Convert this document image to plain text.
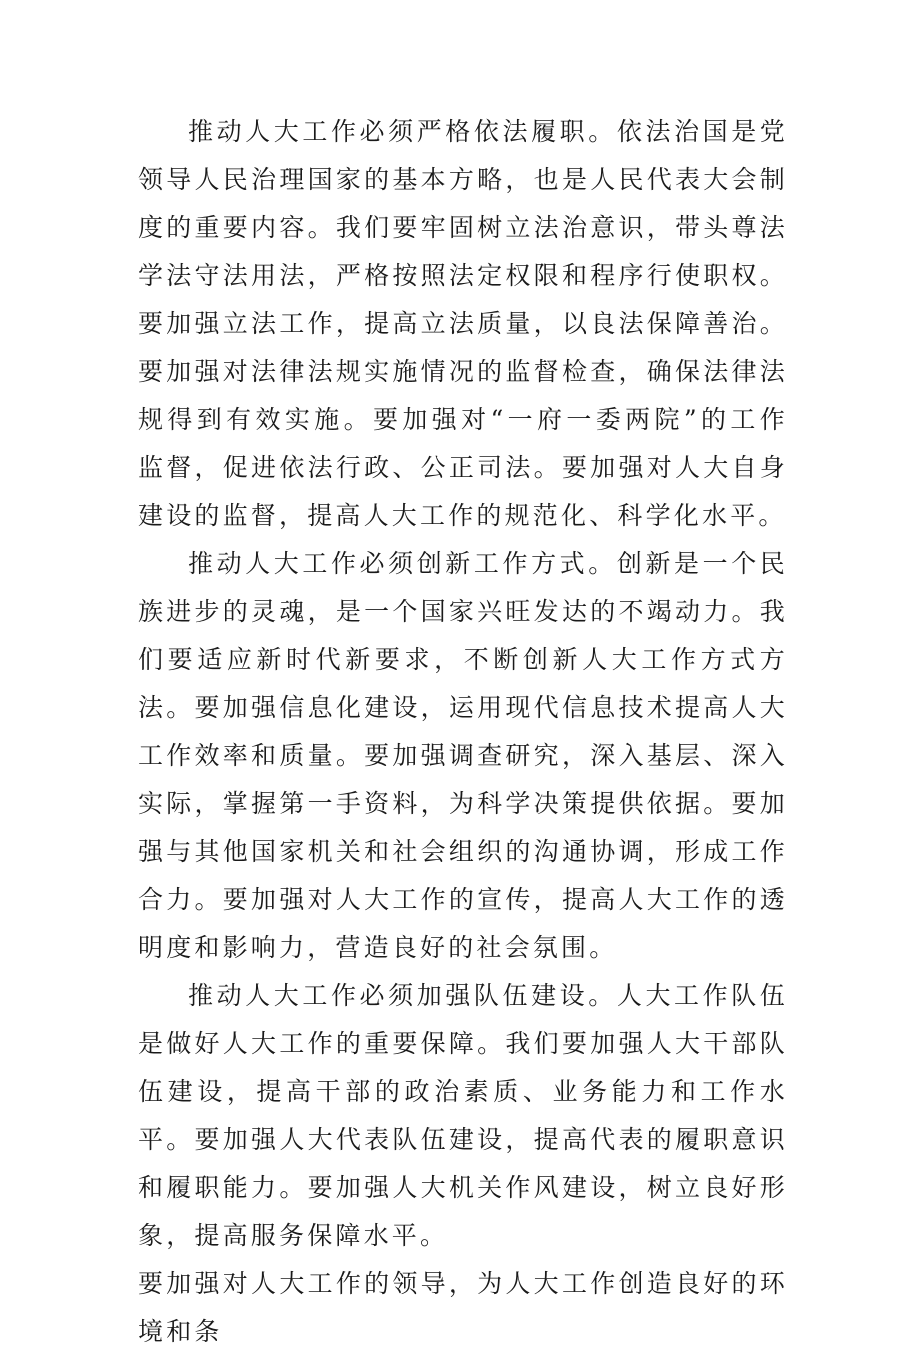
推动人大工作必须严格依法履职。依法治国是党领导人民治理国家的基本方略，也是人民代表大会制度的重要内容。我们要牢固树立法治意识，带头尊法学法守法用法，严格按照法定权限和程序行使职权。要加强立法工作，提高立法质量，以良法保障善治。要加强对法律法规实施情况的监督检查，确保法律法规得到有效实施。要加强对“一府一委两院”的工作监督，促进依法行政、公正司法。要加强对人大自身建设的监督，提高人大工作的规范化、科学化水平。

推动人大工作必须创新工作方式。创新是一个民族进步的灵魂，是一个国家兴旺发达的不竭动力。我们要适应新时代新要求，不断创新人大工作方式方法。要加强信息化建设，运用现代信息技术提高人大工作效率和质量。要加强调查研究，深入基层、深入实际，掌握第一手资料，为科学决策提供依据。要加强与其他国家机关和社会组织的沟通协调，形成工作合力。要加强对人大工作的宣传，提高人大工作的透明度和影响力，营造良好的社会氛围。

推动人大工作必须加强队伍建设。人大工作队伍是做好人大工作的重要保障。我们要加强人大干部队伍建设，提高干部的政治素质、业务能力和工作水平。要加强人大代表队伍建设，提高代表的履职意识和履职能力。要加强人大机关作风建设，树立良好形象，提高服务保障水平。

要加强对人大工作的领导，为人大工作创造良好的环境和条
